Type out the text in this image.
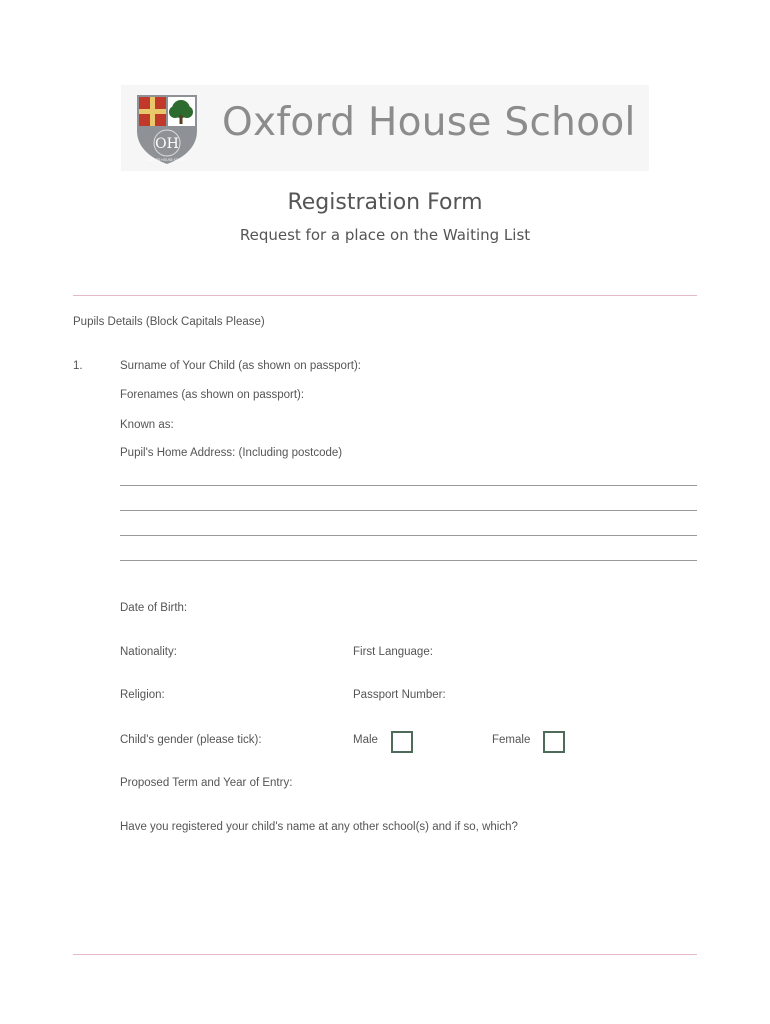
OH
OXFORD HOUSE SCHOOL
Oxford House School
Registration Form
Request for a place on the Waiting List
Pupils Details (Block Capitals Please)
1.	Surname of Your Child (as shown on passport):
Forenames (as shown on passport):
Known as:
Pupil's Home Address: (Including postcode)
Date of Birth:
Nationality:	First Language:
Religion:	Passport Number:
Child's gender (please tick):	Male	Female
Proposed Term and Year of Entry:
Have you registered your child's name at any other school(s) and if so, which?
